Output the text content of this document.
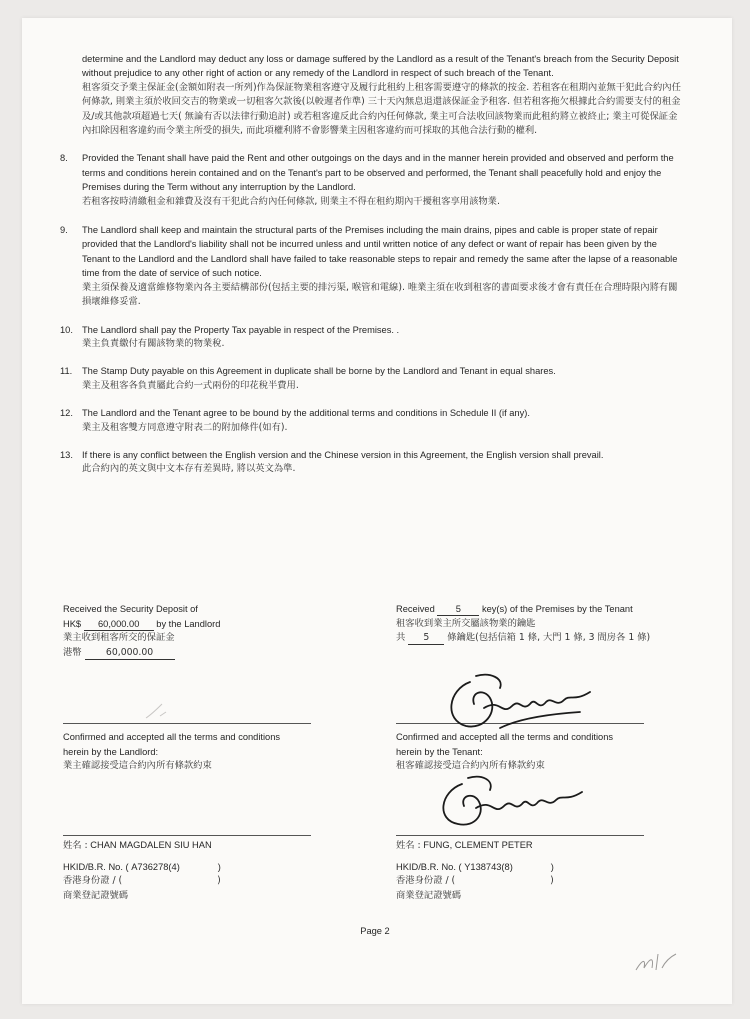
determine and the Landlord may deduct any loss or damage suffered by the Landlord as a result of the Tenant's breach from the Security Deposit without prejudice to any other right of action or any remedy of the Landlord in respect of such breach of the Tenant.

租客須交予業主保証金(金額如附表一所列)作為保証物業租客遵守及履行此租約上租客需要遵守的條款的按金. 若租客在租期內並無干犯此合約內任何條款, 則業主須於收回交吉的物業或一切租客欠款後(以較遲者作準) 三十天內無息退還該保証金予租客. 但若租客拖欠根據此合約需要支付的租金及/或其他款項超過七天( 無論有否以法律行動追討) 或若租客違反此合約內任何條款, 業主可合法收回該物業而此租約將立被終止; 業主可從保証金內扣除因租客違約而令業主所受的損失, 而此項權利將不會影響業主因租客違約而可採取的其他合法行動的權利.

8. Provided the Tenant shall have paid the Rent and other outgoings on the days and in the manner herein provided and observed and perform the terms and conditions herein contained and on the Tenant's part to be observed and performed, the Tenant shall peacefully hold and enjoy the Premises during the Term without any interruption by the Landlord.

若租客按時清繳租金和雜費及沒有干犯此合約內任何條款, 則業主不得在租約期內干擾租客享用該物業.

9. The Landlord shall keep and maintain the structural parts of the Premises including the main drains, pipes and cable is proper state of repair provided that the Landlord's liability shall not be incurred unless and until written notice of any defect or want of repair has been given by the Tenant to the Landlord and the Landlord shall have failed to take reasonable steps to repair and remedy the same after the lapse of a reasonable time from the date of service of such notice.

業主須保養及適當維修物業內各主要結構部份(包括主要的排污渠, 喉管和電線). 唯業主須在收到租客的書面要求後才會有責任在合理時限內將有關損壞維修妥當.

10. The Landlord shall pay the Property Tax payable in respect of the Premises. .

業主負責繳付有關該物業的物業稅.

11. The Stamp Duty payable on this Agreement in duplicate shall be borne by the Landlord and Tenant in equal shares.

業主及租客各負責屬此合約一式兩份的印花稅半費用.

12. The Landlord and the Tenant agree to be bound by the additional terms and conditions in Schedule II (if any).

業主及租客雙方同意遵守附表二的附加條件(如有).

13. If there is any conflict between the English version and the Chinese version in this Agreement, the English version shall prevail.

此合約內的英文與中文本存有差異時, 將以英文為準.

Received the Security Deposit of
HK$ 60,000.00 by the Landlord
業主收到租客所交的保証金
港幣	60,000.00
Received 5 key(s) of the Premises by the Tenant
租客收到業主所交屬該物業的鑰匙
共 5 條鑰匙(包括信箱 1 條, 大門 1 條, 3 間房各 1 條)
Confirmed and accepted all the terms and conditions
herein by the Landlord:
業主確認接受這合約內所有條款約束
Confirmed and accepted all the terms and conditions
herein by the Tenant:
租客確認接受這合約內所有條款約束
姓名 : CHAN MAGDALEN SIU HAN
HKID/B.R. No. ( A736278(4)	)
香港身份證 / (	)
商業登記證號碼
姓名 : FUNG, CLEMENT PETER
HKID/B.R. No. ( Y138743(8)	)
香港身份證 / (	)
商業登記證號碼
Page 2
